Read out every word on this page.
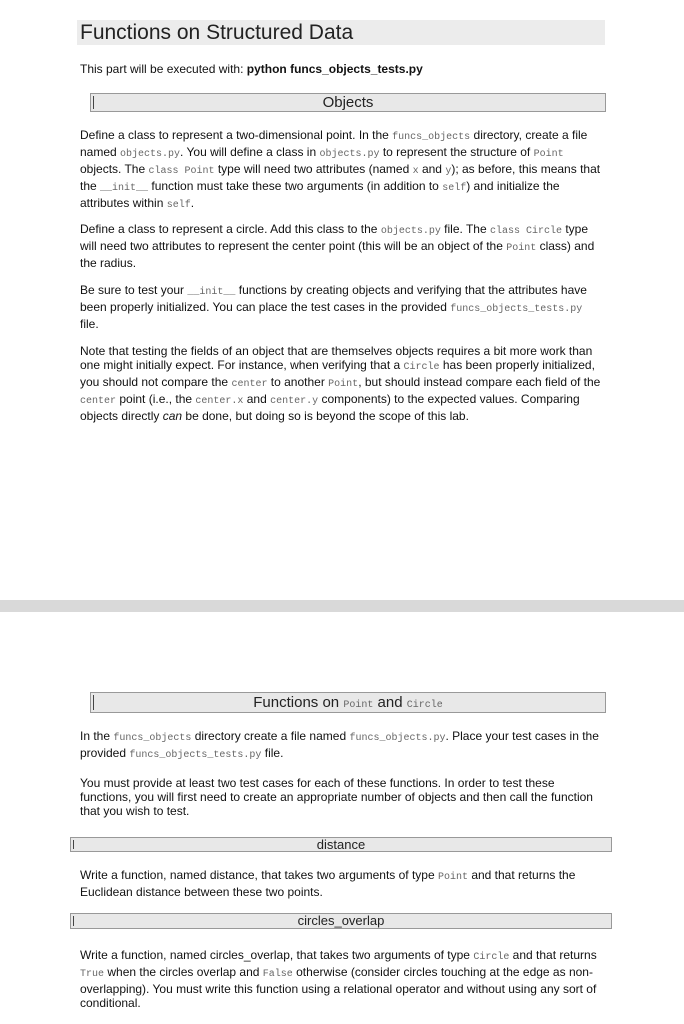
Functions on Structured Data
This part will be executed with: python funcs_objects_tests.py
Objects
Define a class to represent a two-dimensional point. In the funcs_objects directory, create a file named objects.py. You will define a class in objects.py to represent the structure of Point objects. The class Point type will need two attributes (named x and y); as before, this means that the __init__ function must take these two arguments (in addition to self) and initialize the attributes within self.
Define a class to represent a circle. Add this class to the objects.py file. The class Circle type will need two attributes to represent the center point (this will be an object of the Point class) and the radius.
Be sure to test your __init__ functions by creating objects and verifying that the attributes have been properly initialized. You can place the test cases in the provided funcs_objects_tests.py file.
Note that testing the fields of an object that are themselves objects requires a bit more work than one might initially expect. For instance, when verifying that a Circle has been properly initialized, you should not compare the center to another Point, but should instead compare each field of the center point (i.e., the center.x and center.y components) to the expected values. Comparing objects directly can be done, but doing so is beyond the scope of this lab.
Functions on Point and Circle
In the funcs_objects directory create a file named funcs_objects.py. Place your test cases in the provided funcs_objects_tests.py file.
You must provide at least two test cases for each of these functions. In order to test these functions, you will first need to create an appropriate number of objects and then call the function that you wish to test.
distance
Write a function, named distance, that takes two arguments of type Point and that returns the Euclidean distance between these two points.
circles_overlap
Write a function, named circles_overlap, that takes two arguments of type Circle and that returns True when the circles overlap and False otherwise (consider circles touching at the edge as non-overlapping). You must write this function using a relational operator and without using any sort of conditional.
